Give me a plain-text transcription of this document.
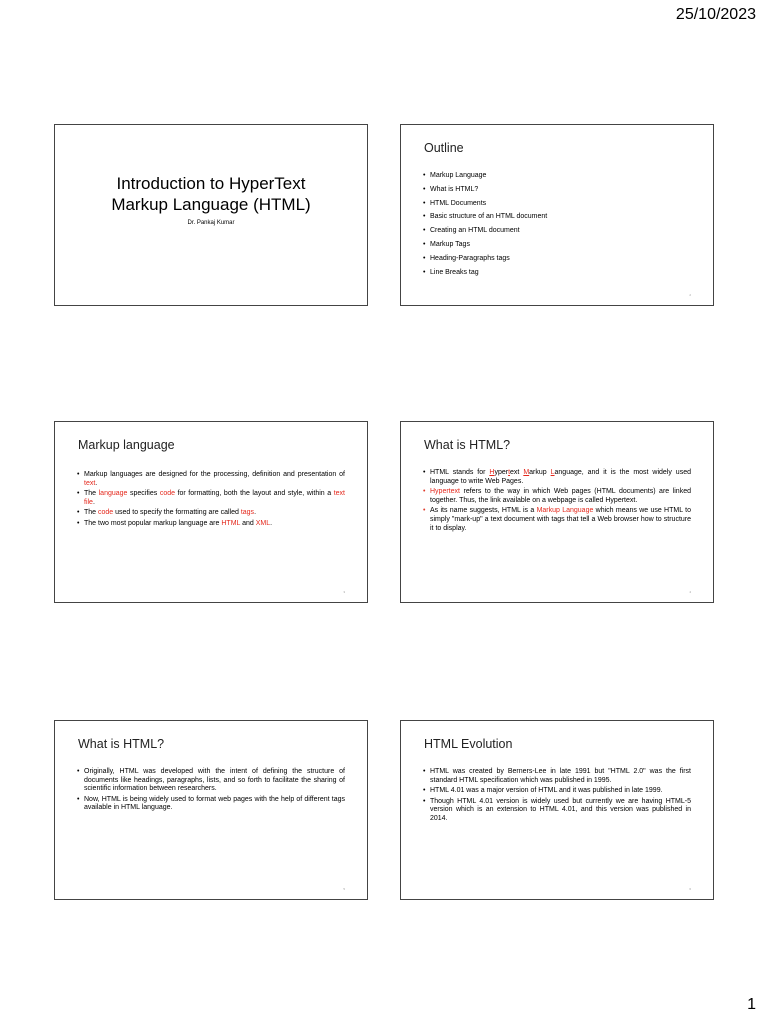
25/10/2023
Introduction to HyperText
Markup Language (HTML)
Dr. Pankaj Kumar
Outline
• Markup Language
• What is HTML?
• HTML Documents
• Basic structure of an HTML document
• Creating an HTML document
• Markup Tags
• Heading-Paragraphs tags
• Line Breaks tag
2
Markup language
• Markup languages are designed for the processing, definition and presentation of text.
• The language specifies code for formatting, both the layout and style, within a text file.
• The code used to specify the formatting are called tags.
• The two most popular markup language are HTML and XML.
3
What is HTML?
• HTML stands for Hypertext Markup Language, and it is the most widely used language to write Web Pages.
• Hypertext refers to the way in which Web pages (HTML documents) are linked together. Thus, the link available on a webpage is called Hypertext.
• As its name suggests, HTML is a Markup Language which means we use HTML to simply "mark-up" a text document with tags that tell a Web browser how to structure it to display.
4
What is HTML?
• Originally, HTML was developed with the intent of defining the structure of documents like headings, paragraphs, lists, and so forth to facilitate the sharing of scientific information between researchers.
• Now, HTML is being widely used to format web pages with the help of different tags available in HTML language.
5
HTML Evolution
• HTML was created by Berners-Lee in late 1991 but "HTML 2.0" was the first standard HTML specification which was published in 1995.
• HTML 4.01 was a major version of HTML and it was published in late 1999.
• Though HTML 4.01 version is widely used but currently we are having HTML-5 version which is an extension to HTML 4.01, and this version was published in 2014.
6
1
